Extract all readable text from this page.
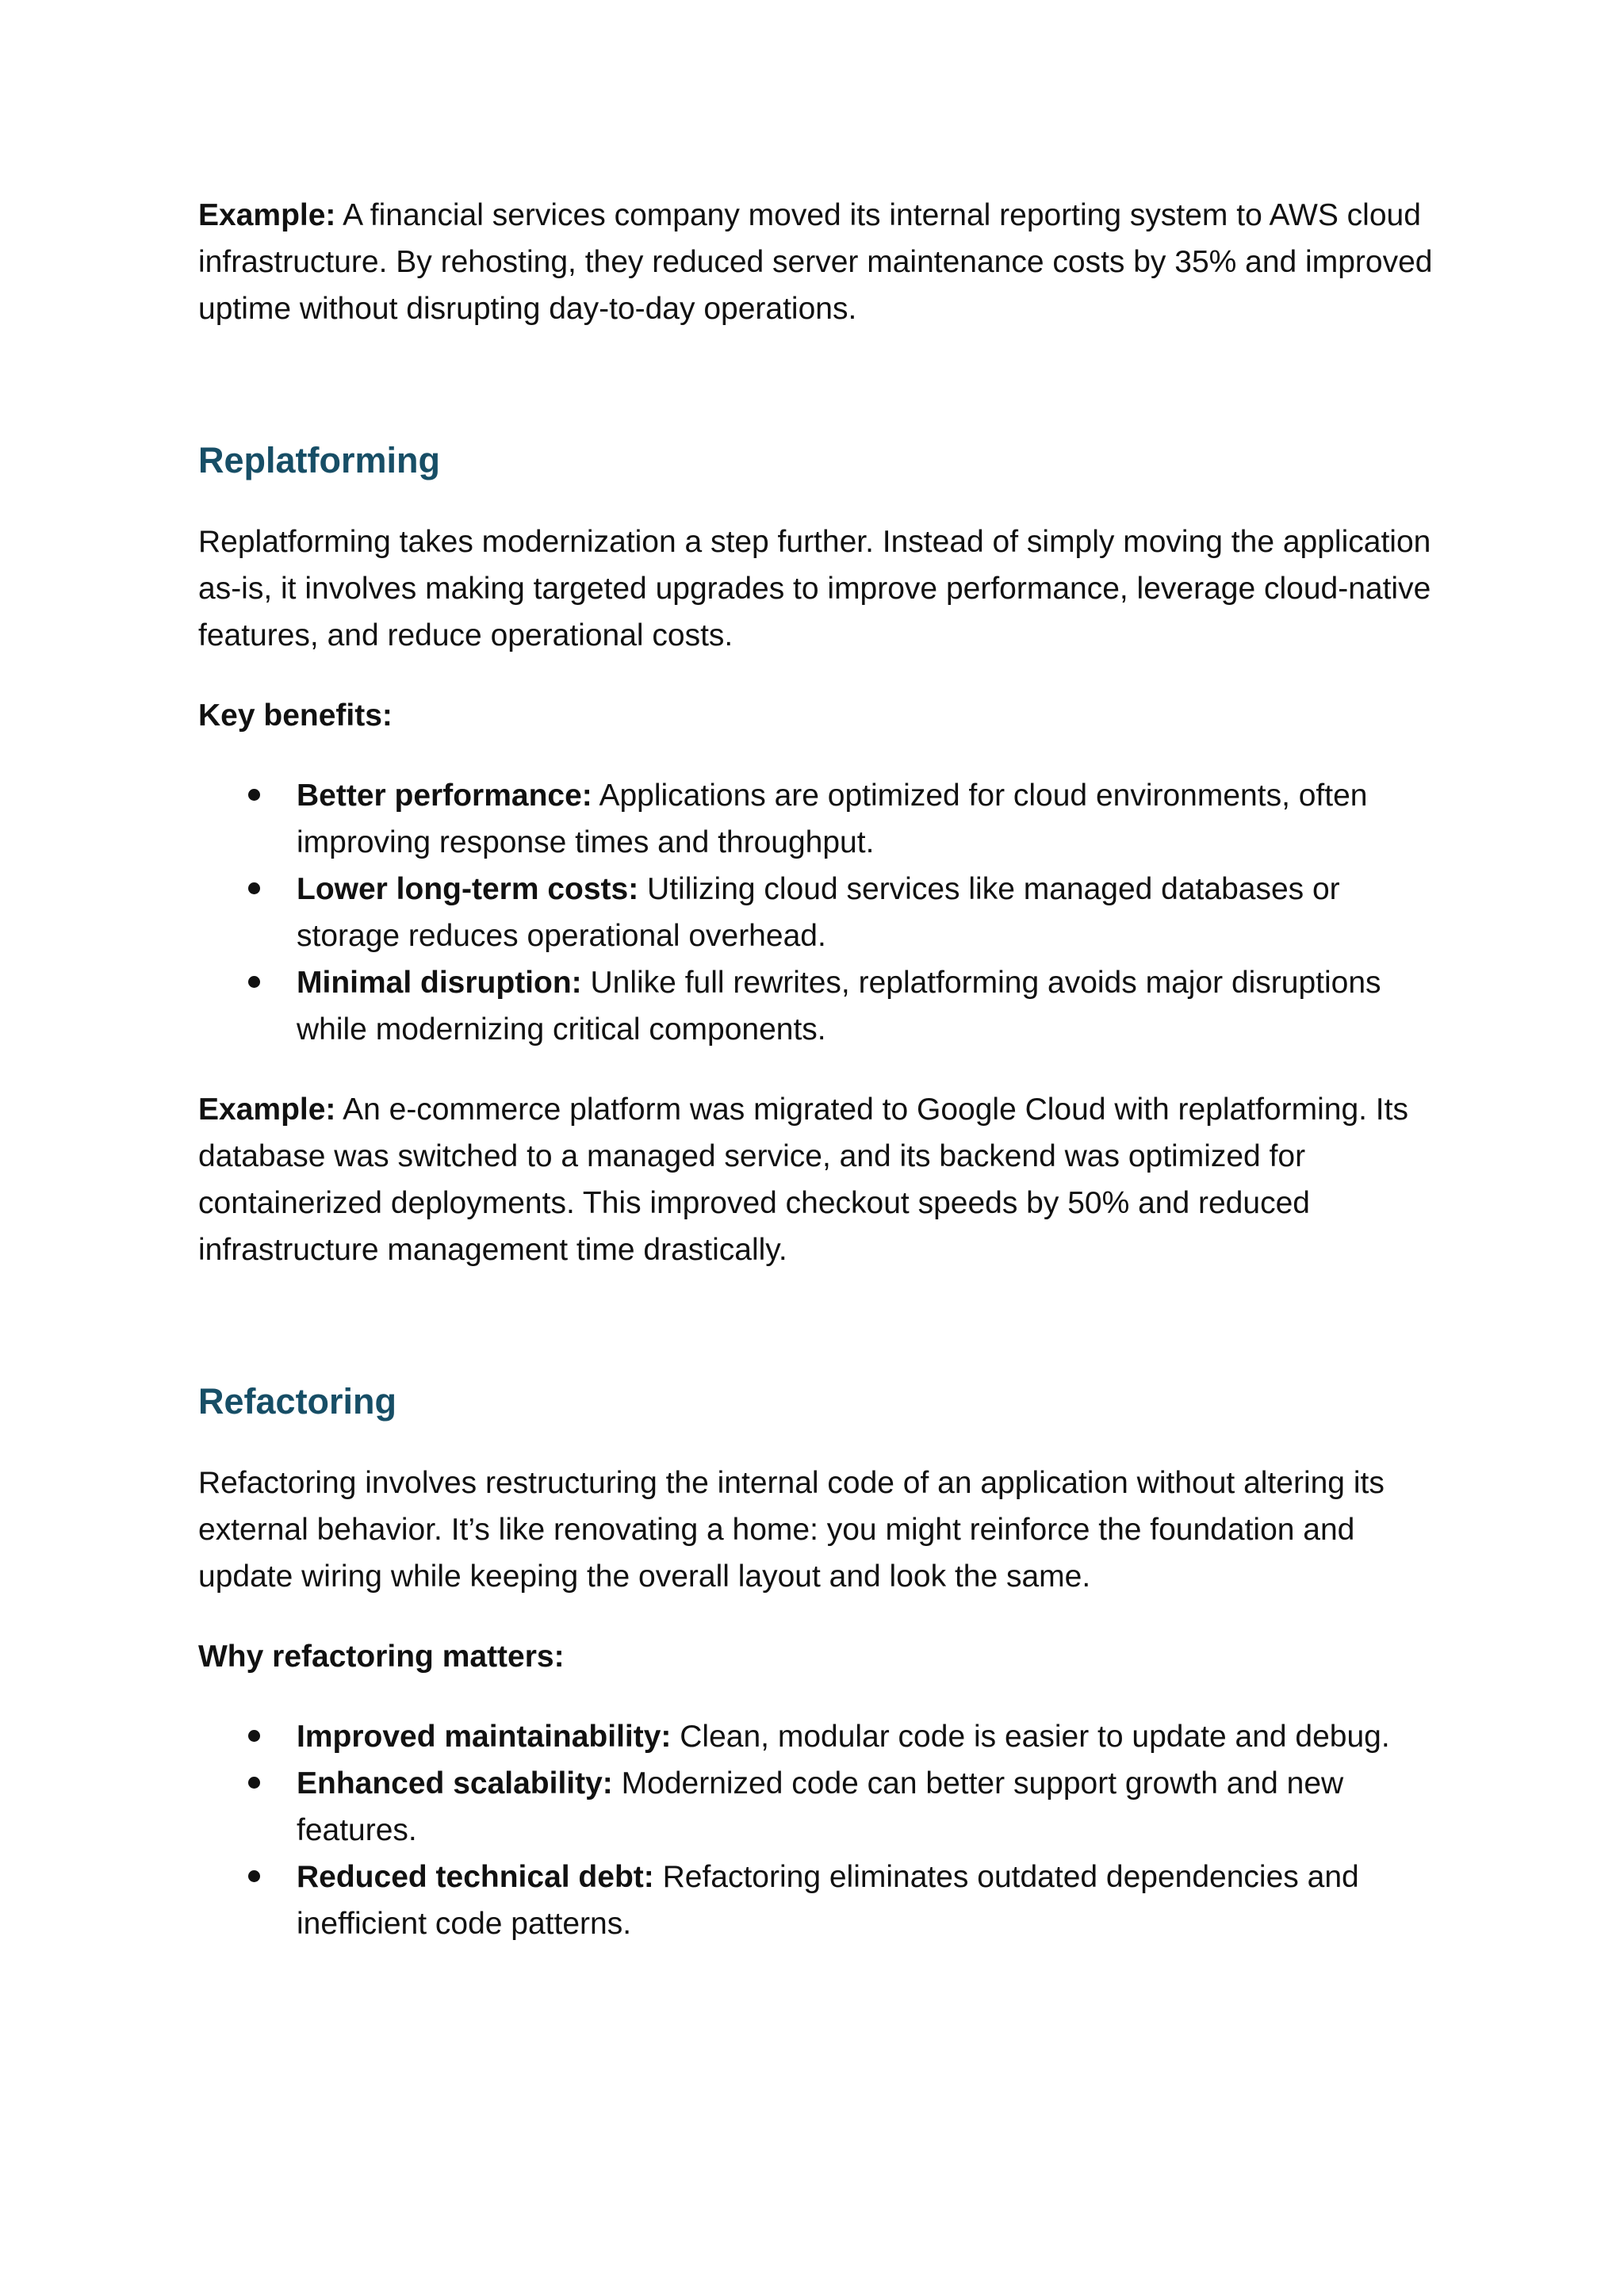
Example: A financial services company moved its internal reporting system to AWS cloud infrastructure. By rehosting, they reduced server maintenance costs by 35% and improved uptime without disrupting day-to-day operations.

Replatforming

Replatforming takes modernization a step further. Instead of simply moving the application as-is, it involves making targeted upgrades to improve performance, leverage cloud-native features, and reduce operational costs.

Key benefits:

Better performance: Applications are optimized for cloud environments, often improving response times and throughput.
Lower long-term costs: Utilizing cloud services like managed databases or storage reduces operational overhead.
Minimal disruption: Unlike full rewrites, replatforming avoids major disruptions while modernizing critical components.

Example: An e-commerce platform was migrated to Google Cloud with replatforming. Its database was switched to a managed service, and its backend was optimized for containerized deployments. This improved checkout speeds by 50% and reduced infrastructure management time drastically.

Refactoring

Refactoring involves restructuring the internal code of an application without altering its external behavior. It’s like renovating a home: you might reinforce the foundation and update wiring while keeping the overall layout and look the same.

Why refactoring matters:

Improved maintainability: Clean, modular code is easier to update and debug.
Enhanced scalability: Modernized code can better support growth and new features.
Reduced technical debt: Refactoring eliminates outdated dependencies and inefficient code patterns.
